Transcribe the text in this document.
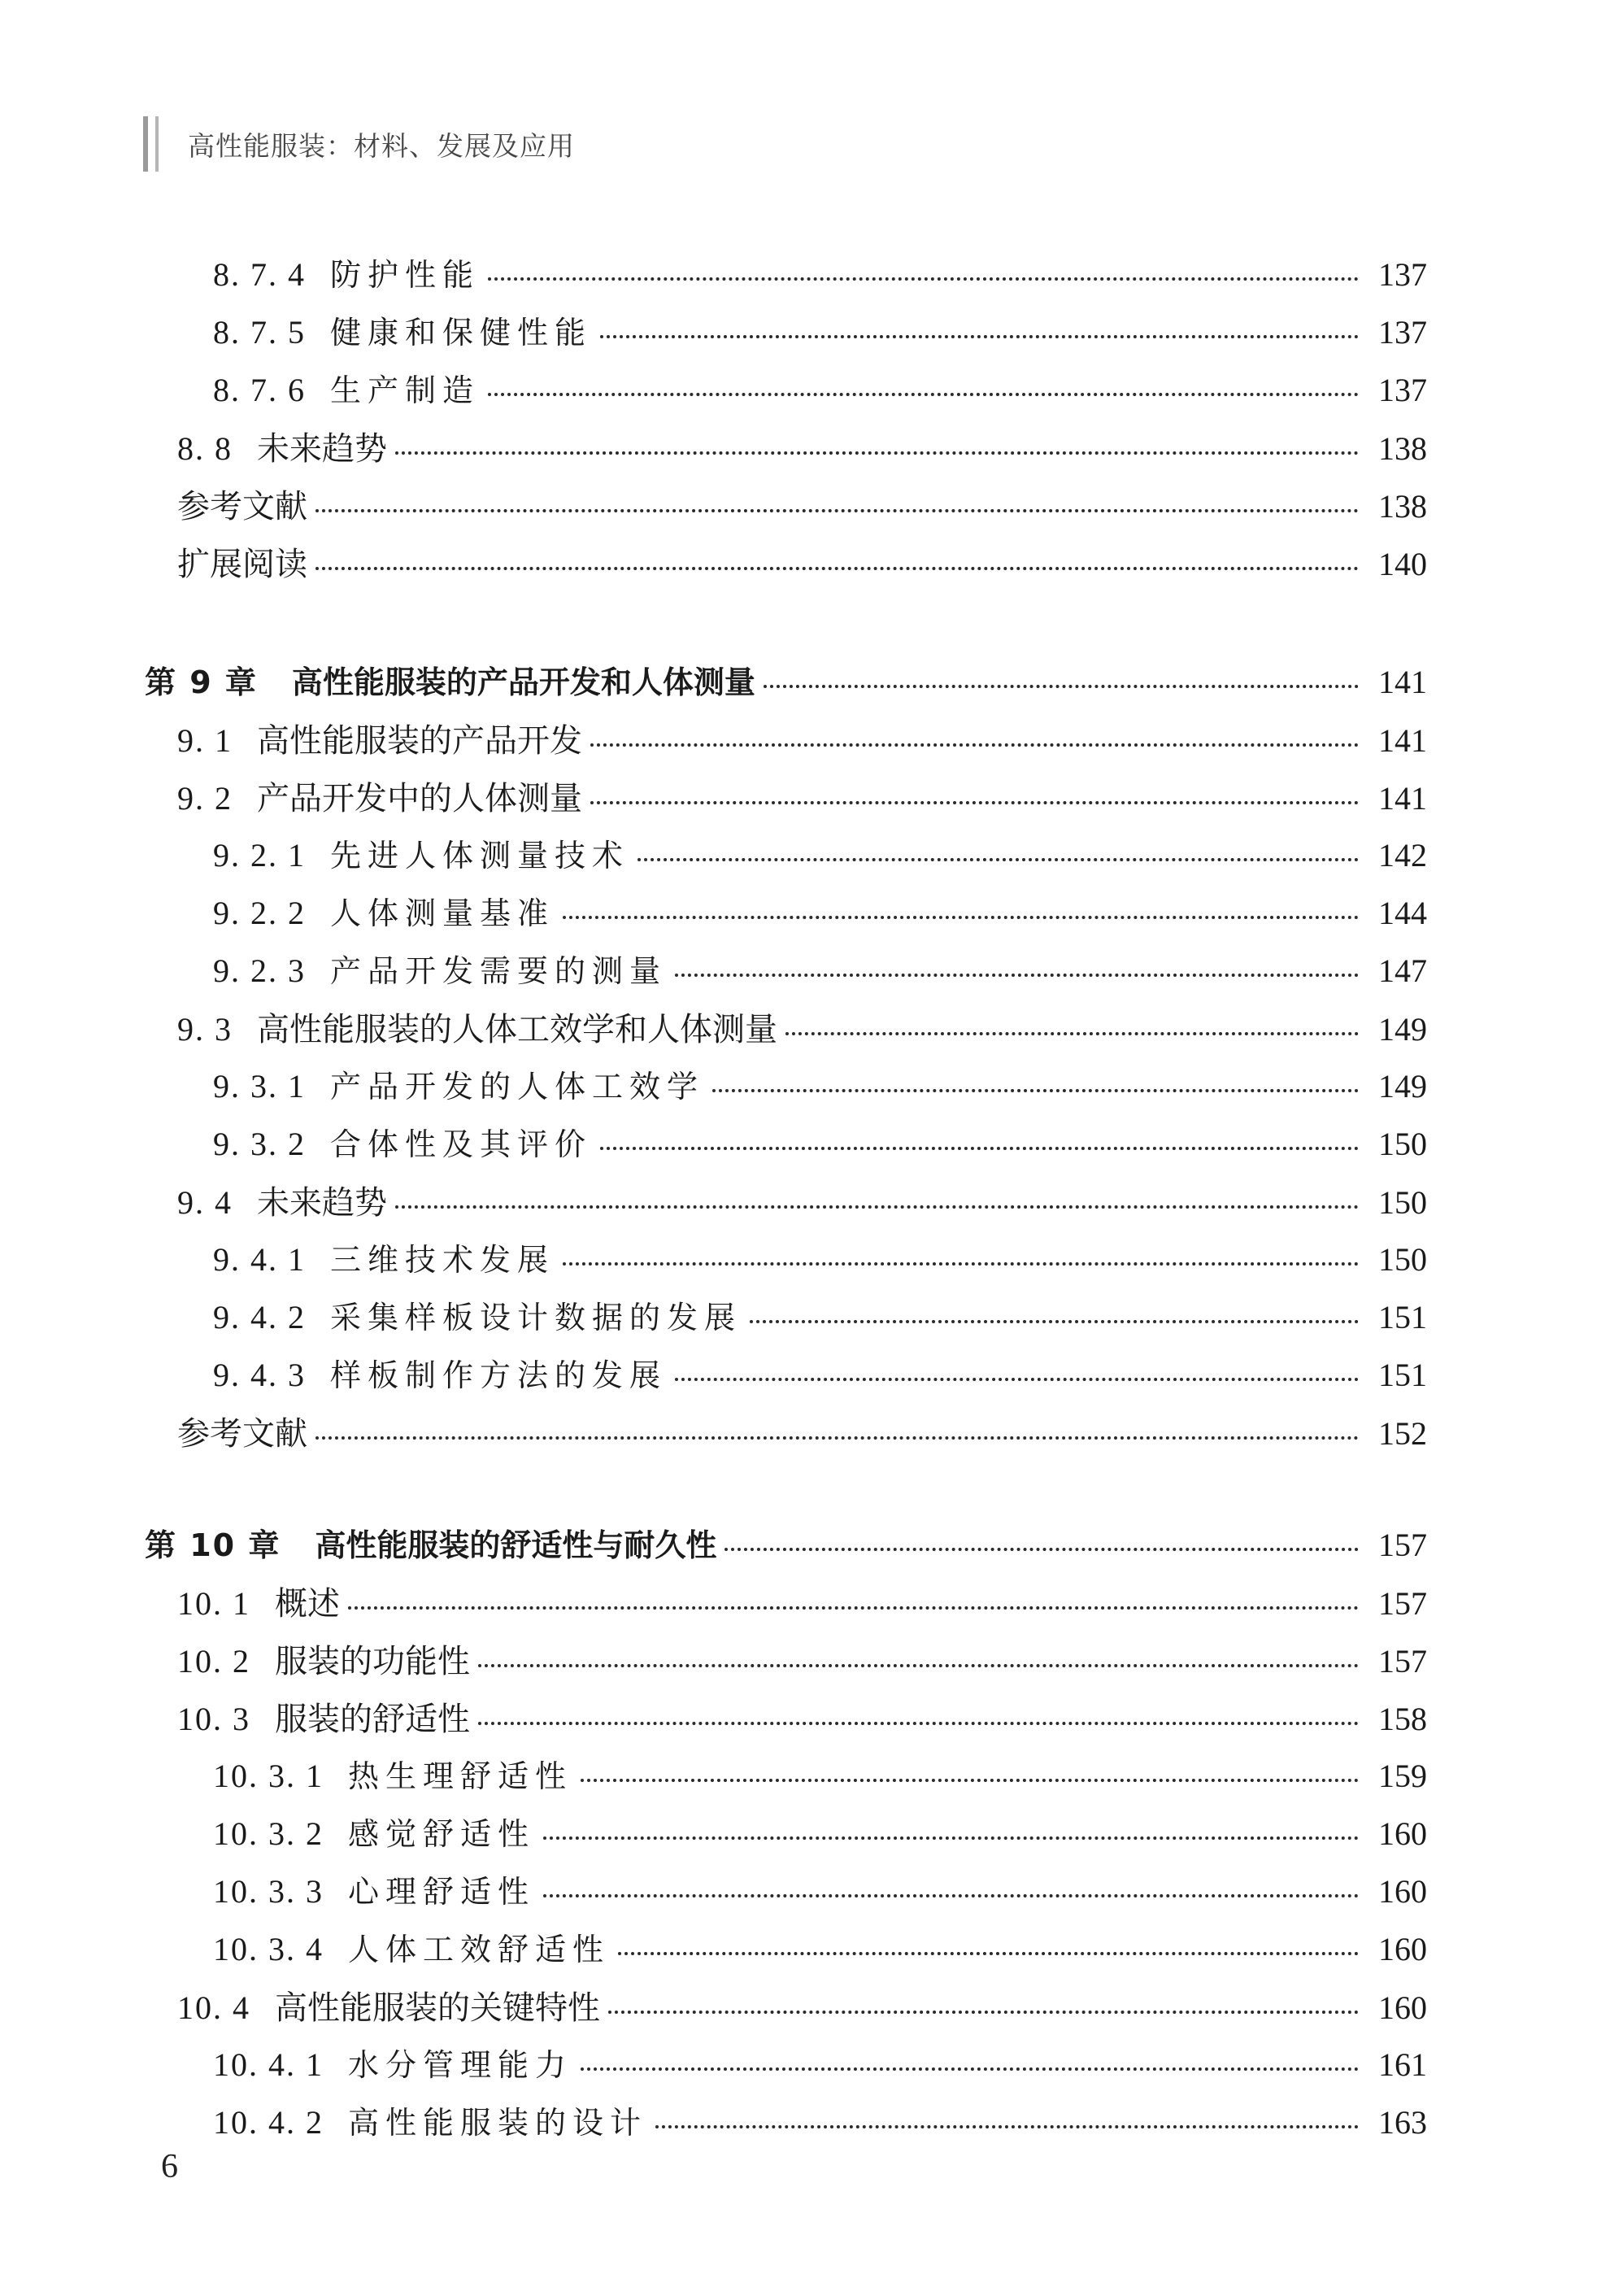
高性能服装：材料、发展及应用
8. 7. 4 防护性能	137
8. 7. 5 健康和保健性能	137
8. 7. 6 生产制造	137
8. 8 未来趋势	138
参考文献	138
扩展阅读	140
第 9 章 高性能服装的产品开发和人体测量	141
9. 1 高性能服装的产品开发	141
9. 2 产品开发中的人体测量	141
9. 2. 1 先进人体测量技术	142
9. 2. 2 人体测量基准	144
9. 2. 3 产品开发需要的测量	147
9. 3 高性能服装的人体工效学和人体测量	149
9. 3. 1 产品开发的人体工效学	149
9. 3. 2 合体性及其评价	150
9. 4 未来趋势	150
9. 4. 1 三维技术发展	150
9. 4. 2 采集样板设计数据的发展	151
9. 4. 3 样板制作方法的发展	151
参考文献	152
第 10 章 高性能服装的舒适性与耐久性	157
10. 1 概述	157
10. 2 服装的功能性	157
10. 3 服装的舒适性	158
10. 3. 1 热生理舒适性	159
10. 3. 2 感觉舒适性	160
10. 3. 3 心理舒适性	160
10. 3. 4 人体工效舒适性	160
10. 4 高性能服装的关键特性	160
10. 4. 1 水分管理能力	161
10. 4. 2 高性能服装的设计	163
6
